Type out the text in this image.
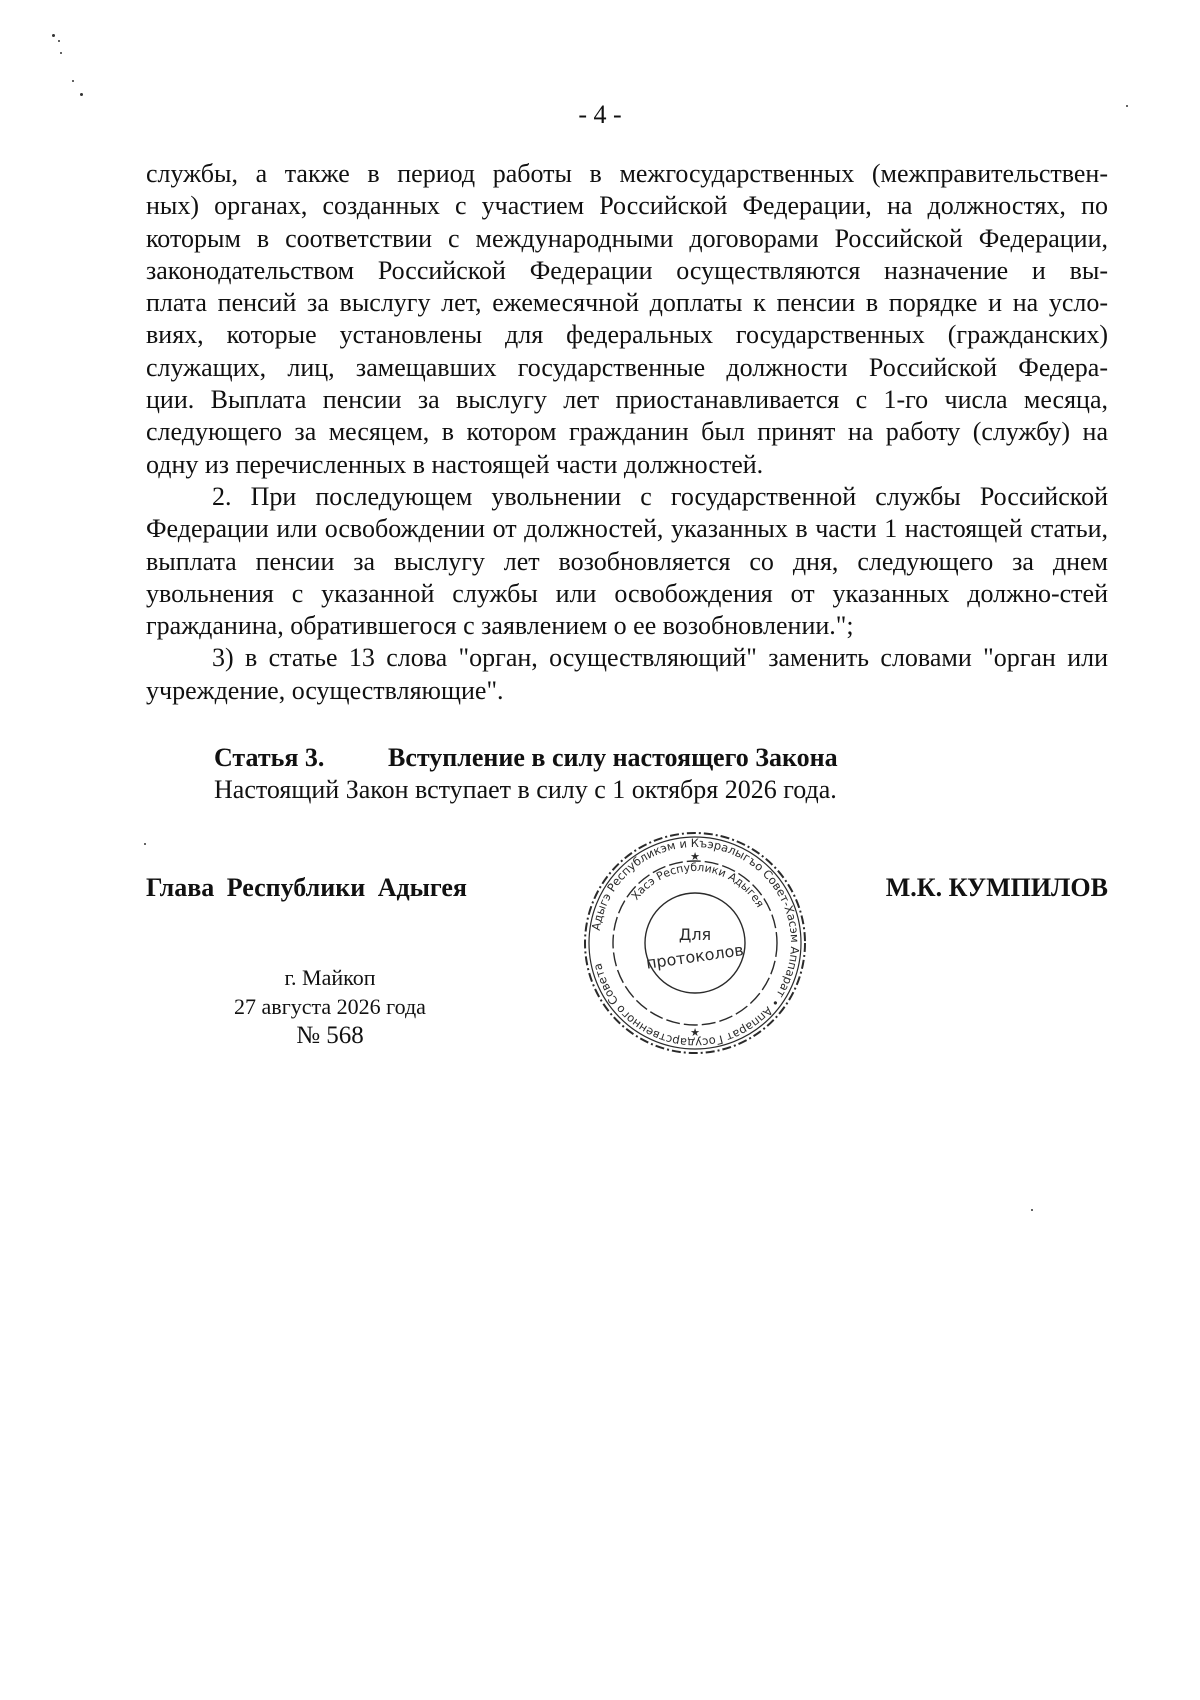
- 4 -

службы, а также в период работы в межгосударственных (межправительствен-
ных) органах, созданных с участием Российской Федерации, на должностях, по
которым в соответствии с международными договорами Российской Федерации,
законодательством Российской Федерации осуществляются назначение и вы-
плата пенсий за выслугу лет, ежемесячной доплаты к пенсии в порядке и на усло-
виях, которые установлены для федеральных государственных (гражданских)
служащих, лиц, замещавших государственные должности Российской Федера-
ции. Выплата пенсии за выслугу лет приостанавливается с 1-го числа месяца,
следующего за месяцем, в котором гражданин был принят на работу (службу) на
одну из перечисленных в настоящей части должностей.

2. При последующем увольнении с государственной службы Российской Федерации или освобождении от должностей, указанных в части 1 настоящей статьи, выплата пенсии за выслугу лет возобновляется со дня, следующего за днем увольнения с указанной службы или освобождения от указанных должно-стей гражданина, обратившегося с заявлением о ее возобновлении.";

3) в статье 13 слова "орган, осуществляющий" заменить словами "орган или учреждение, осуществляющие".

Статья 3. Вступление в силу настоящего Закона
Настоящий Закон вступает в силу с 1 октября 2026 года.
Глава Республики Адыгея	М.К. КУМПИЛОВ
г. Майкоп
27 августа 2026 года
№ 568
Адыгэ Республикэм и Къэралыгъо Совет-Хасэм Аппарат • Аппарат Государственного Совета
Хасэ Республики Адыгея
Для
протоколов
★
★
